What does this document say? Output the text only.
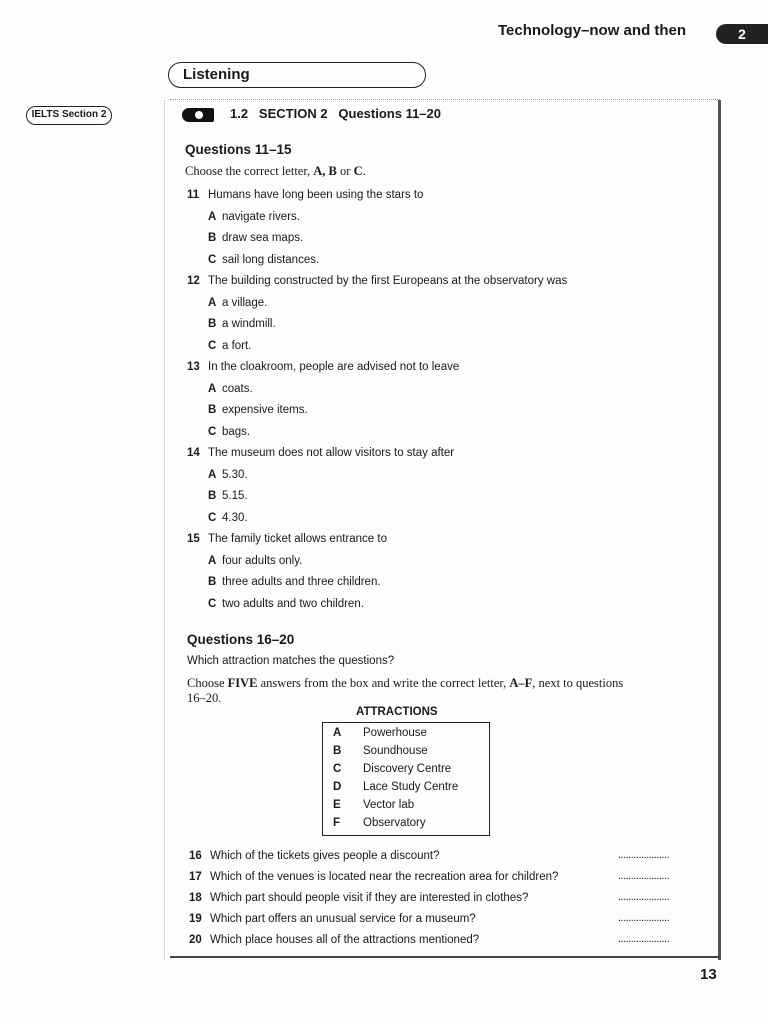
Technology–now and then	2
Listening
IELTS Section 2	1.2 SECTION 2 Questions 11–20
Questions 11–15
Choose the correct letter, A, B or C.
11 Humans have long been using the stars to
A navigate rivers.
B draw sea maps.
C sail long distances.
12 The building constructed by the first Europeans at the observatory was
A a village.
B a windmill.
C a fort.
13 In the cloakroom, people are advised not to leave
A coats.
B expensive items.
C bags.
14 The museum does not allow visitors to stay after
A 5.30.
B 5.15.
C 4.30.
15 The family ticket allows entrance to
A four adults only.
B three adults and three children.
C two adults and two children.
Questions 16–20
Which attraction matches the questions?
Choose FIVE answers from the box and write the correct letter, A–F, next to questions
16–20.
ATTRACTIONS
A Powerhouse
B Soundhouse
C Discovery Centre
D Lace Study Centre
E Vector lab
F Observatory
16 Which of the tickets gives people a discount?	....................
17 Which of the venues is located near the recreation area for children?	....................
18 Which part should people visit if they are interested in clothes?	....................
19 Which part offers an unusual service for a museum?	....................
20 Which place houses all of the attractions mentioned?	....................
13
